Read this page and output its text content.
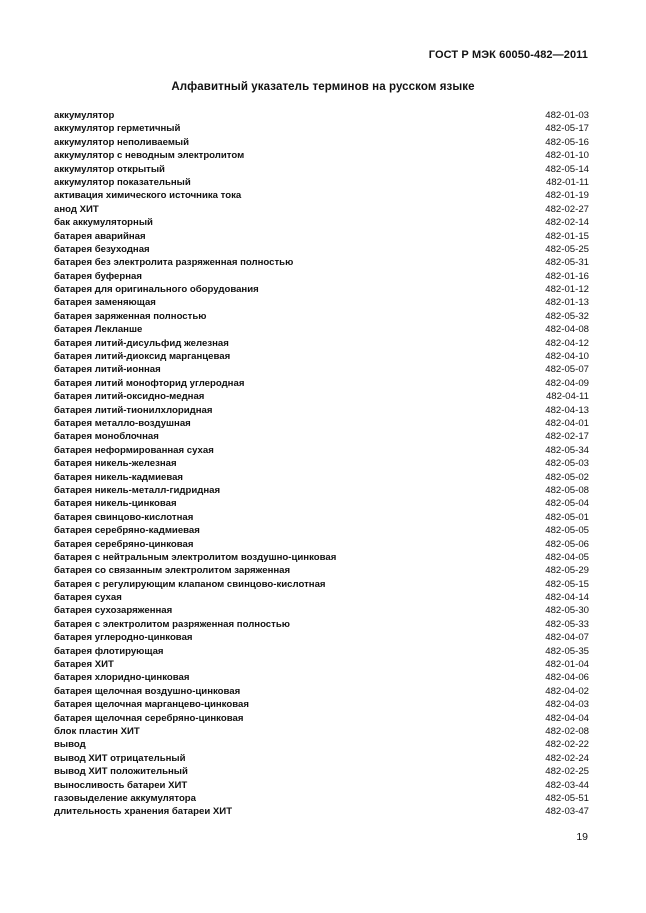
ГОСТ Р МЭК 60050-482—2011
Алфавитный указатель терминов на русском языке
аккумулятор	482-01-03
аккумулятор герметичный	482-05-17
аккумулятор неполиваемый	482-05-16
аккумулятор с неводным электролитом	482-01-10
аккумулятор открытый	482-05-14
аккумулятор показательный	482-01-11
активация химического источника тока	482-01-19
анод ХИТ	482-02-27
бак аккумуляторный	482-02-14
батарея аварийная	482-01-15
батарея безуходная	482-05-25
батарея без электролита разряженная полностью	482-05-31
батарея буферная	482-01-16
батарея для оригинального оборудования	482-01-12
батарея заменяющая	482-01-13
батарея заряженная полностью	482-05-32
батарея Лекланше	482-04-08
батарея литий-дисульфид железная	482-04-12
батарея литий-диоксид марганцевая	482-04-10
батарея литий-ионная	482-05-07
батарея литий монофторид углеродная	482-04-09
батарея литий-оксидно-медная	482-04-11
батарея литий-тионилхлоридная	482-04-13
батарея металло-воздушная	482-04-01
батарея моноблочная	482-02-17
батарея неформированная сухая	482-05-34
батарея никель-железная	482-05-03
батарея никель-кадмиевая	482-05-02
батарея никель-металл-гидридная	482-05-08
батарея никель-цинковая	482-05-04
батарея свинцово-кислотная	482-05-01
батарея серебряно-кадмиевая	482-05-05
батарея серебряно-цинковая	482-05-06
батарея с нейтральным электролитом воздушно-цинковая	482-04-05
батарея со связанным электролитом заряженная	482-05-29
батарея с регулирующим клапаном свинцово-кислотная	482-05-15
батарея сухая	482-04-14
батарея сухозаряженная	482-05-30
батарея с электролитом разряженная полностью	482-05-33
батарея углеродно-цинковая	482-04-07
батарея флотирующая	482-05-35
батарея ХИТ	482-01-04
батарея хлоридно-цинковая	482-04-06
батарея щелочная воздушно-цинковая	482-04-02
батарея щелочная марганцево-цинковая	482-04-03
батарея щелочная серебряно-цинковая	482-04-04
блок пластин ХИТ	482-02-08
вывод	482-02-22
вывод ХИТ отрицательный	482-02-24
вывод ХИТ положительный	482-02-25
выносливость батареи ХИТ	482-03-44
газовыделение аккумулятора	482-05-51
длительность хранения батареи ХИТ	482-03-47
19
